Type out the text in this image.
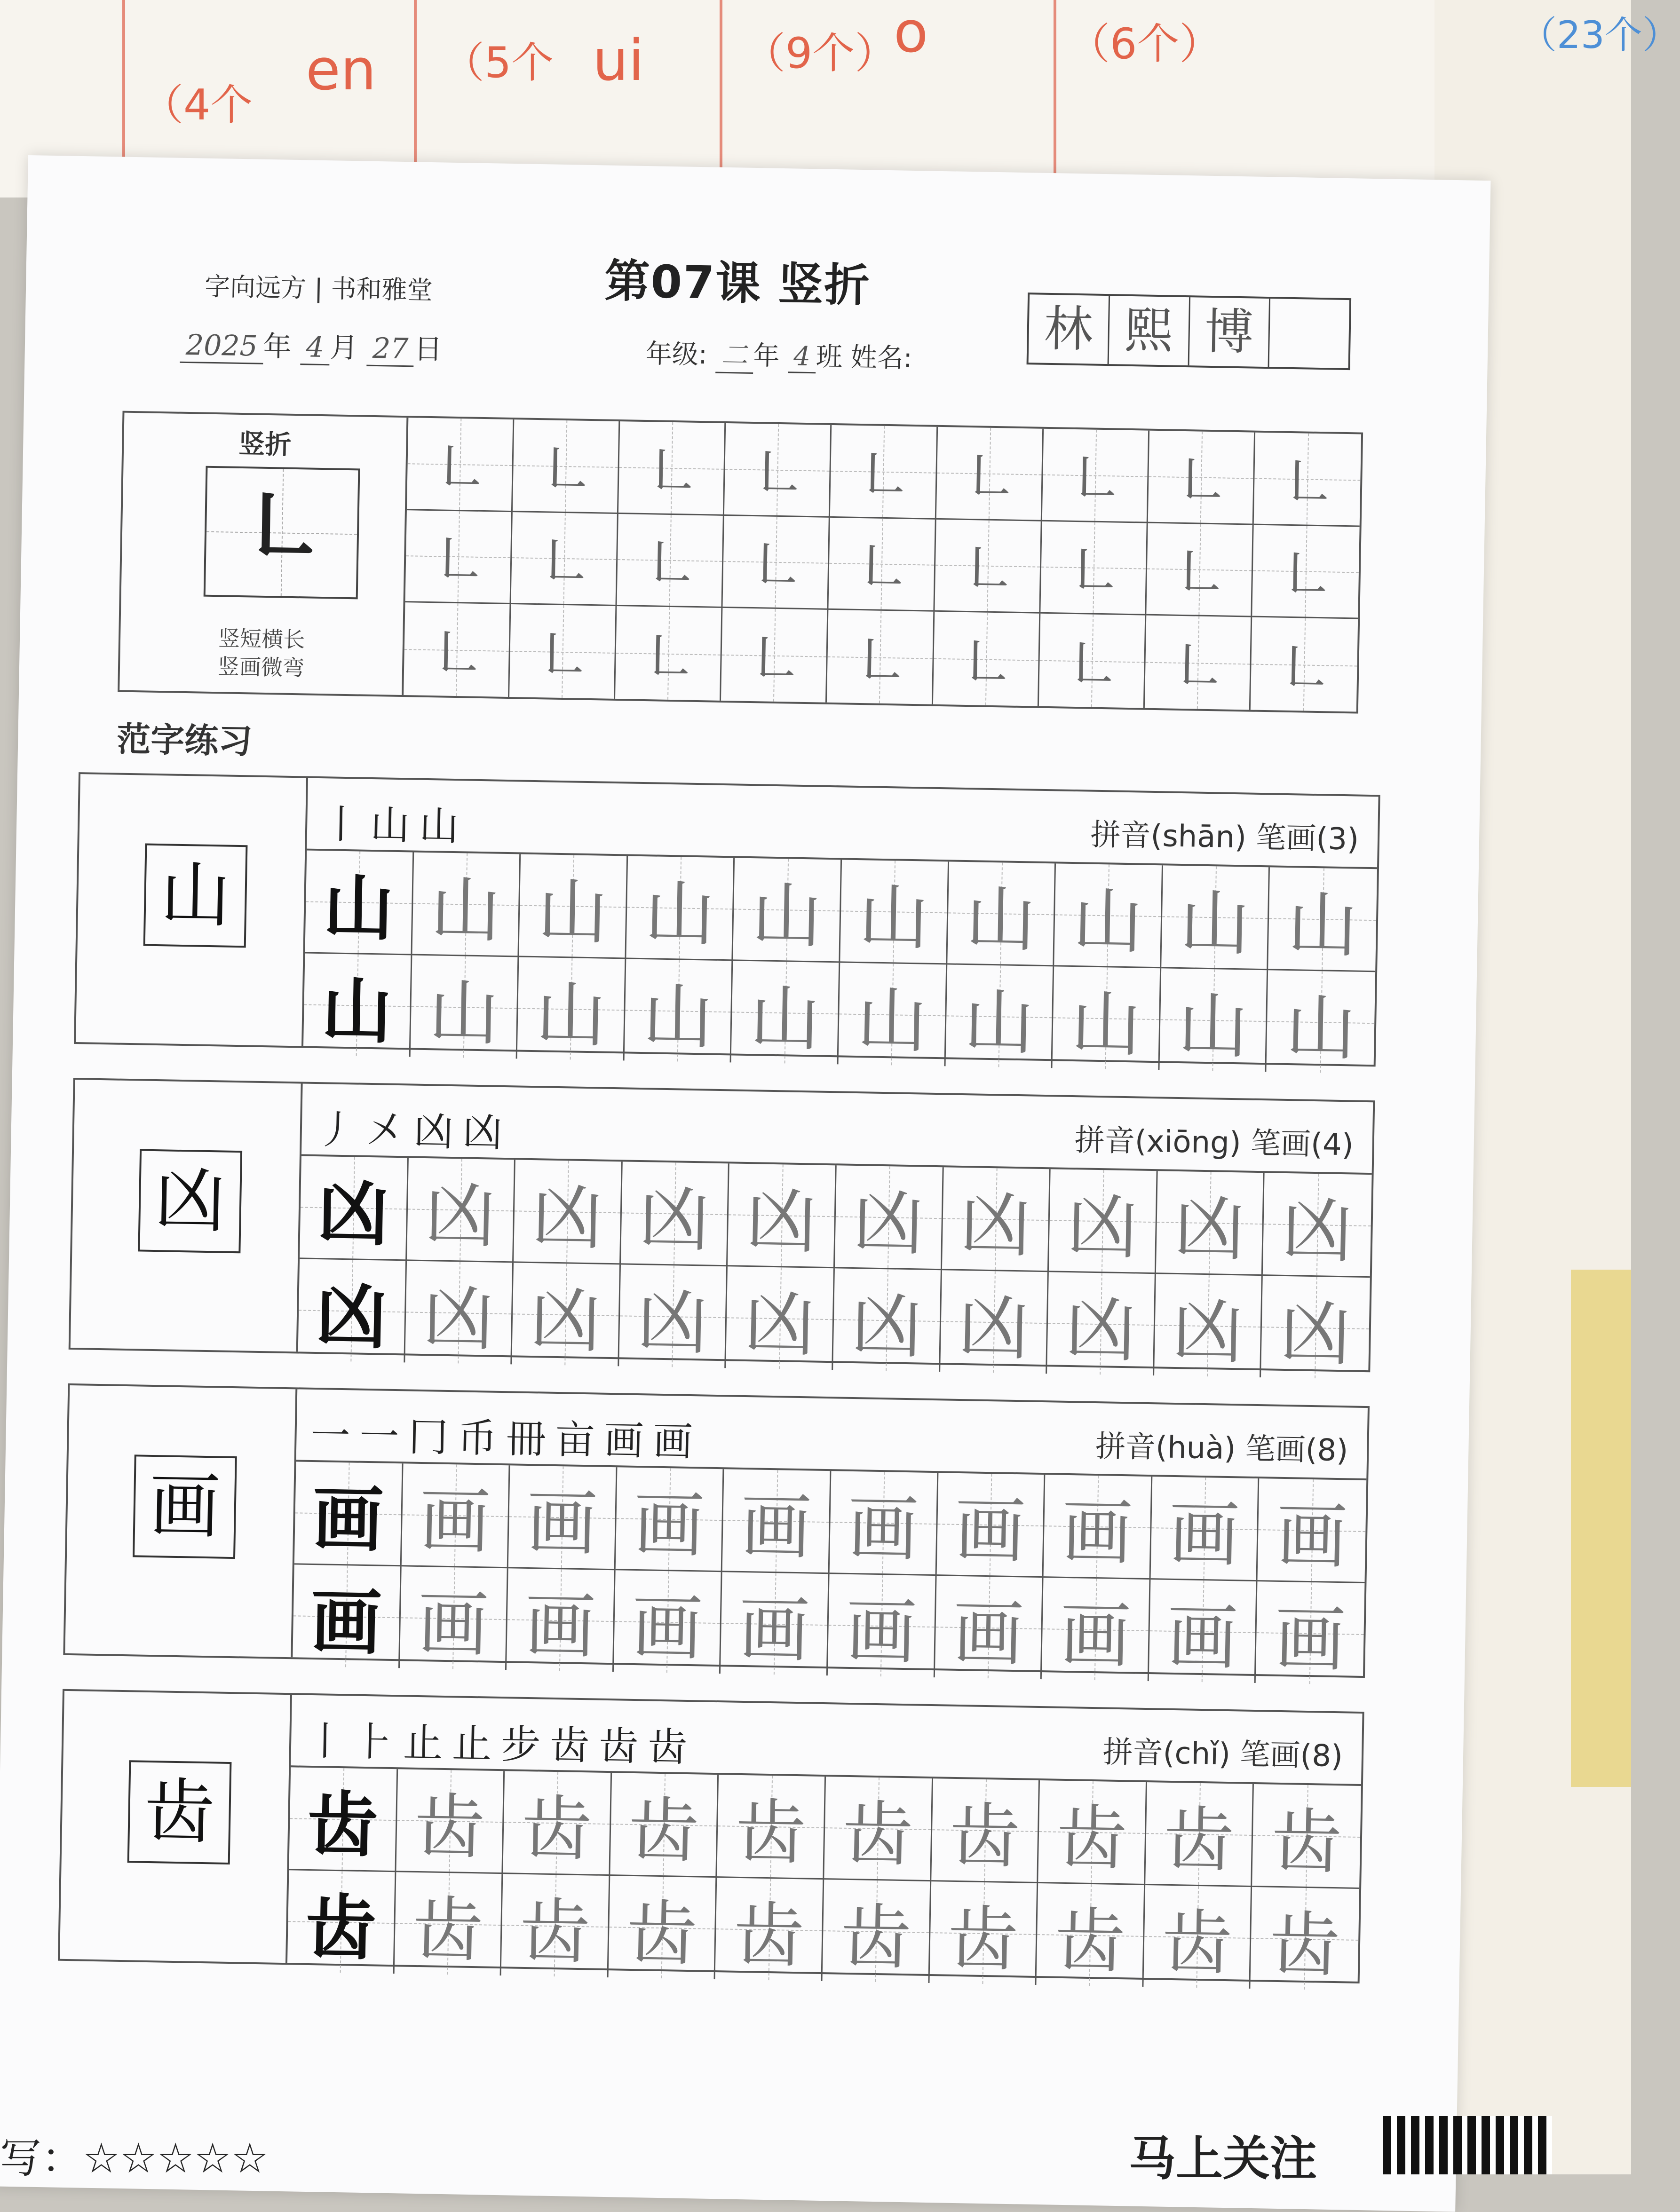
en	ui	o
（9个）	（6个）	（23个）
（5个
（4个
字向远方 | 书和雅堂	第07课 竖折
2025 年 4 月 27 日	年级: 二 年 4 班 姓名:	林 熙 博
竖折
㇗
竖短横长
竖画微弯
㇗ ㇗ ㇗ ㇗ ㇗ ㇗ ㇗ ㇗ ㇗
㇗ ㇗ ㇗ ㇗ ㇗ ㇗ ㇗ ㇗ ㇗
㇗ ㇗ ㇗ ㇗ ㇗ ㇗ ㇗ ㇗ ㇗
范字练习
山
丨山山	拼音(shān) 笔画(3)
山 山 山 山 山 山 山 山 山 山
山 山 山 山 山 山 山 山 山 山
凶
丿㐅凶凶	拼音(xiōng) 笔画(4)
凶 凶 凶 凶 凶 凶 凶 凶 凶 凶
凶 凶 凶 凶 凶 凶 凶 凶 凶 凶
画
一一冂币冊亩画画	拼音(huà) 笔画(8)
画 画 画 画 画 画 画 画 画 画
画 画 画 画 画 画 画 画 画 画
齿
丨⺊止止步齿齿齿	拼音(chǐ) 笔画(8)
齿 齿 齿 齿 齿 齿 齿 齿 齿 齿
齿 齿 齿 齿 齿 齿 齿 齿 齿 齿
写：☆☆☆☆☆	马上关注
